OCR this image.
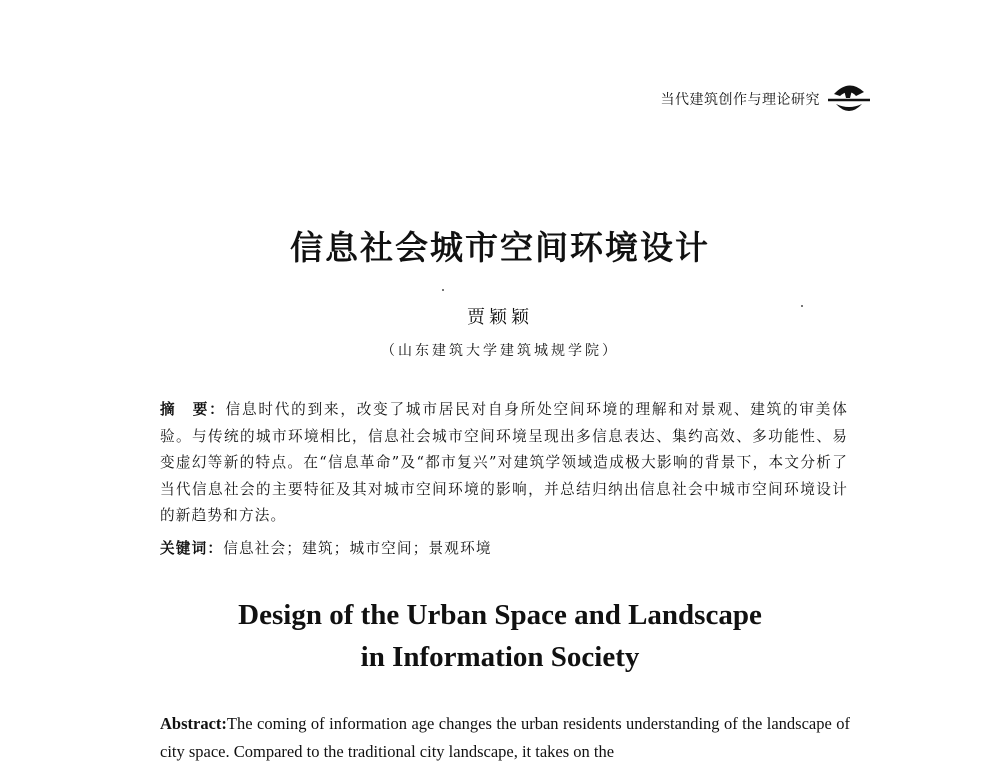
当代建筑创作与理论研究
信息社会城市空间环境设计
贾颖颖
（山东建筑大学建筑城规学院）
摘　要：信息时代的到来，改变了城市居民对自身所处空间环境的理解和对景观、建筑的审美体验。与传统的城市环境相比，信息社会城市空间环境呈现出多信息表达、集约高效、多功能性、易变虚幻等新的特点。在“信息革命”及“都市复兴”对建筑学领域造成极大影响的背景下，本文分析了当代信息社会的主要特征及其对城市空间环境的影响，并总结归纳出信息社会中城市空间环境设计的新趋势和方法。
关键词：信息社会；建筑；城市空间；景观环境
Design of the Urban Space and Landscape
in Information Society
Abstract:The coming of information age changes the urban residents understanding of the landscape of city space. Compared to the traditional city landscape, it takes on the
